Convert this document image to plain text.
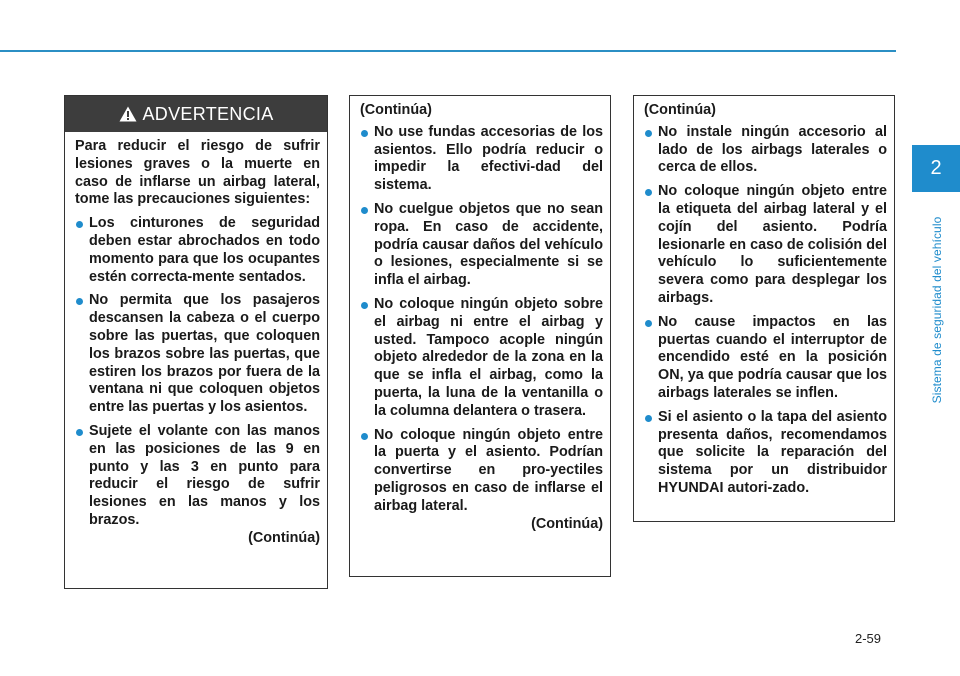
2
Sistema de seguridad del vehículo
ADVERTENCIA
Para reducir el riesgo de sufrir lesiones graves o la muerte en caso de inflarse un airbag lateral, tome las precauciones siguientes:
Los cinturones de seguridad deben estar abrochados en todo momento para que los ocupantes estén correcta-mente sentados.
No permita que los pasajeros descansen la cabeza o el cuerpo sobre las puertas, que coloquen los brazos sobre las puertas, que estiren los brazos por fuera de la ventana ni que coloquen objetos entre las puertas y los asientos.
Sujete el volante con las manos en las posiciones de las 9 en punto y las 3 en punto para reducir el riesgo de sufrir lesiones en las manos y los brazos.
(Continúa)
(Continúa)
No use fundas accesorias de los asientos. Ello podría reducir o impedir la efectivi-dad del sistema.
No cuelgue objetos que no sean ropa. En caso de accidente, podría causar daños del vehículo o lesiones, especialmente si se infla el airbag.
No coloque ningún objeto sobre el airbag ni entre el airbag y usted. Tampoco acople ningún objeto alrededor de la zona en la que se infla el airbag, como la puerta, la luna de la ventanilla o la columna delantera o trasera.
No coloque ningún objeto entre la puerta y el asiento. Podrían convertirse en pro-yectiles peligrosos en caso de inflarse el airbag lateral.
(Continúa)
(Continúa)
No instale ningún accesorio al lado de los airbags laterales o cerca de ellos.
No coloque ningún objeto entre la etiqueta del airbag lateral y el cojín del asiento. Podría lesionarle en caso de colisión del vehículo lo suficientemente severa como para desplegar los airbags.
No cause impactos en las puertas cuando el interruptor de encendido esté en la posición ON, ya que podría causar que los airbags laterales se inflen.
Si el asiento o la tapa del asiento presenta daños, recomendamos que solicite la reparación del sistema por un distribuidor HYUNDAI autori-zado.
2-59
